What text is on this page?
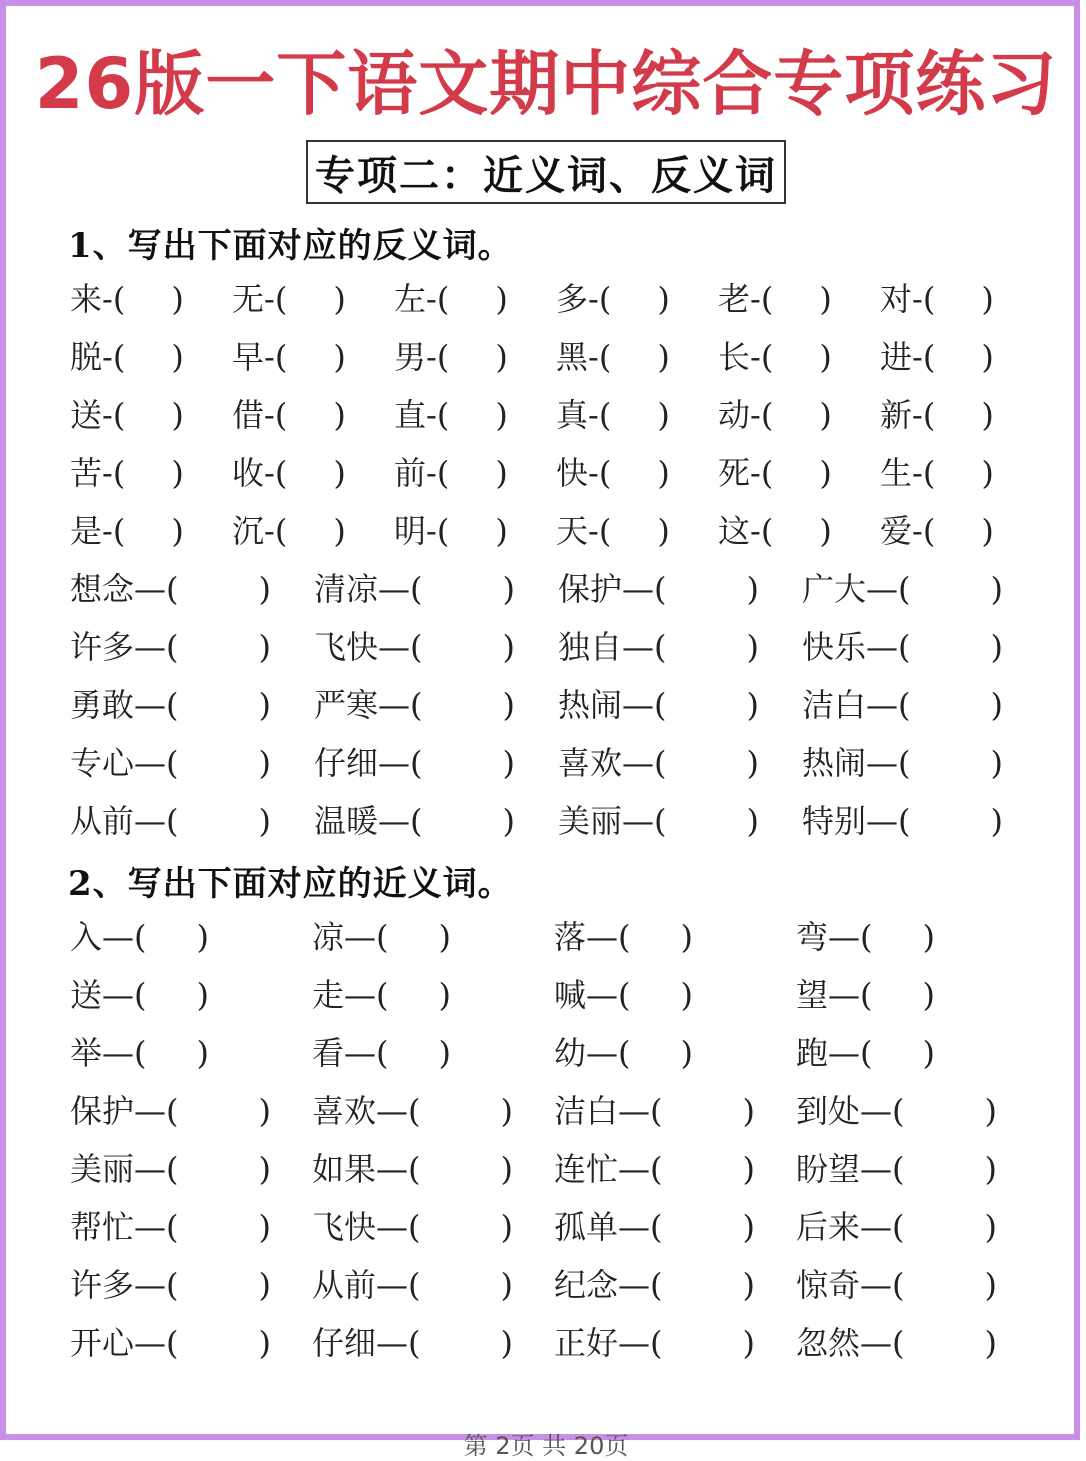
26版一下语文期中综合专项练习
专项二：近义词、反义词
1、写出下面对应的反义词。
来-( ) 无-( ) 左-( ) 多-( ) 老-( ) 对-( )
脱-( ) 早-( ) 男-( ) 黑-( ) 长-( ) 进-( )
送-( ) 借-( ) 直-( ) 真-( ) 动-( ) 新-( )
苦-( ) 收-( ) 前-( ) 快-( ) 死-( ) 生-( )
是-( ) 沉-( ) 明-( ) 天-( ) 这-( ) 爱-( )
想念—(	) 清凉—(	) 保护—(	) 广大—(	)
许多—(	) 飞快—(	) 独自—(	) 快乐—(	)
勇敢—(	) 严寒—(	) 热闹—(	) 洁白—(	)
专心—(	) 仔细—(	) 喜欢—(	) 热闹—(	)
从前—(	) 温暖—(	) 美丽—(	) 特别—(	)
2、写出下面对应的近义词。
入—( )	凉—( )	落—( )	弯—( )
送—( )	走—( )	喊—( )	望—( )
举—( )	看—( )	幼—( )	跑—( )
保护—(	) 喜欢—(	) 洁白—(	) 到处—(	)
美丽—(	) 如果—(	) 连忙—(	) 盼望—(	)
帮忙—(	) 飞快—(	) 孤单—(	) 后来—(	)
许多—(	) 从前—(	) 纪念—(	) 惊奇—(	)
开心—(	) 仔细—(	) 正好—(	) 忽然—(	)
第 2页 共 20页
